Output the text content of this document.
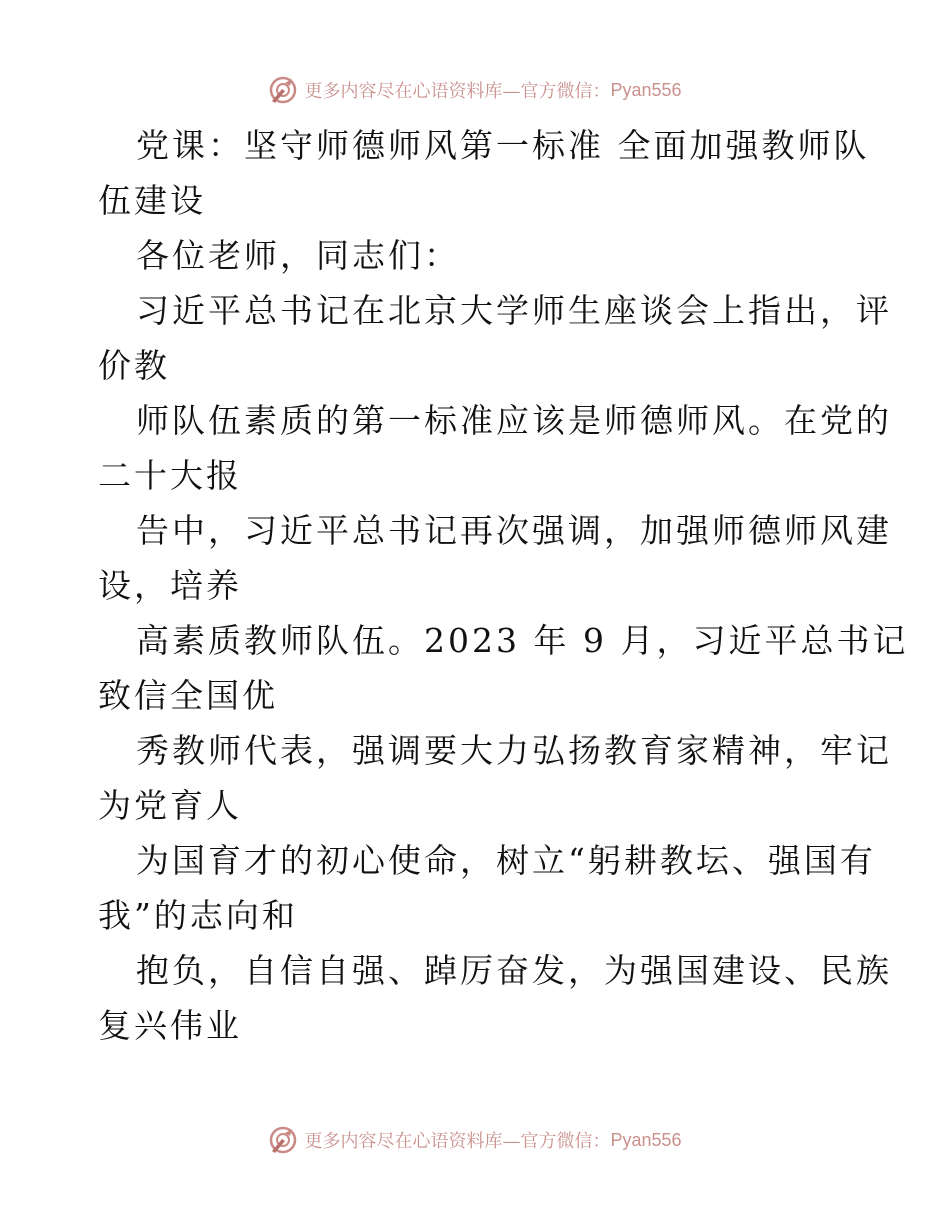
更多内容尽在心语资料库—官方微信： Pyan556
党课：坚守师德师风第一标准 全面加强教师队
伍建设
各位老师，同志们：
习近平总书记在北京大学师生座谈会上指出，评
价教
师队伍素质的第一标准应该是师德师风。在党的
二十大报
告中，习近平总书记再次强调，加强师德师风建
设，培养
高素质教师队伍。2023 年 9 月，习近平总书记
致信全国优
秀教师代表，强调要大力弘扬教育家精神，牢记
为党育人
为国育才的初心使命，树立“躬耕教坛、强国有
我”的志向和
抱负，自信自强、踔厉奋发，为强国建设、民族
复兴伟业
更多内容尽在心语资料库—官方微信： Pyan556
